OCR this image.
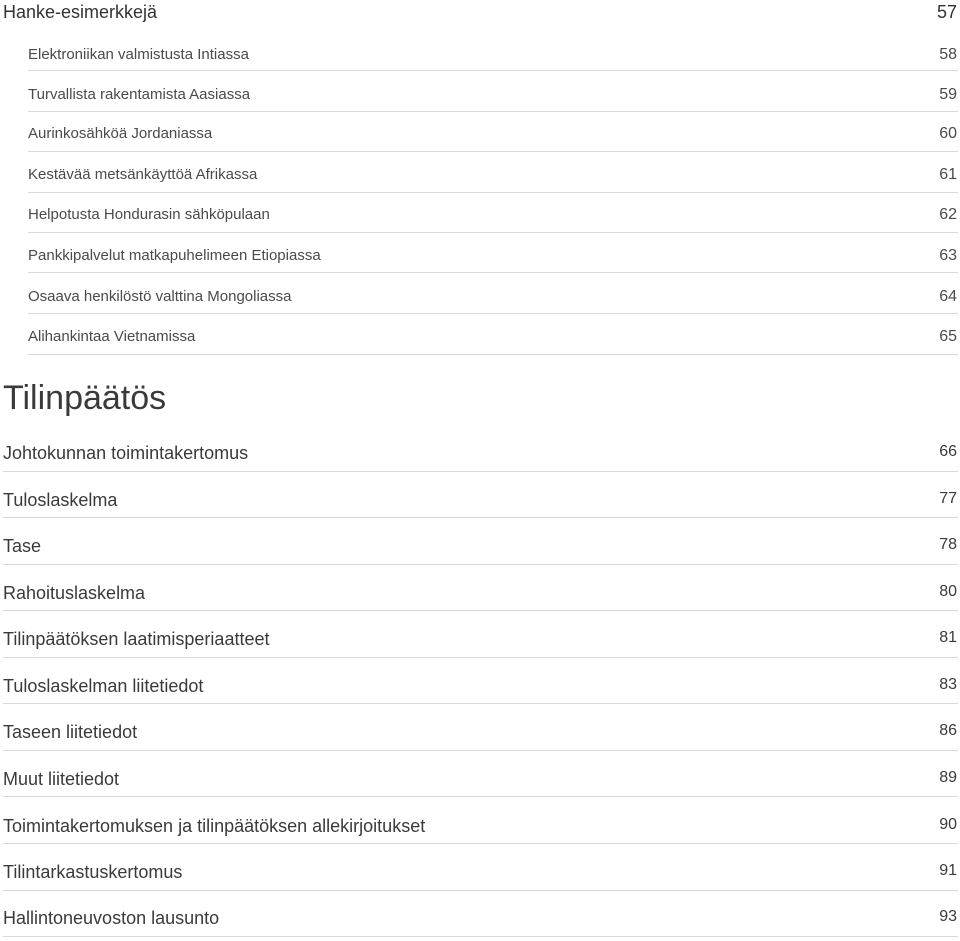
Hanke-esimerkkejä	57
Elektroniikan valmistusta Intiassa	58
Turvallista rakentamista Aasiassa	59
Aurinkosähköä Jordaniassa	60
Kestävää metsänkäyttöä Afrikassa	61
Helpotusta Hondurasin sähköpulaan	62
Pankkipalvelut matkapuhelimeen Etiopiassa	63
Osaava henkilöstö valttina Mongoliassa	64
Alihankintaa Vietnamissa	65
Tilinpäätös
Johtokunnan toimintakertomus	66
Tuloslaskelma	77
Tase	78
Rahoituslaskelma	80
Tilinpäätöksen laatimisperiaatteet	81
Tuloslaskelman liitetiedot	83
Taseen liitetiedot	86
Muut liitetiedot	89
Toimintakertomuksen ja tilinpäätöksen allekirjoitukset	90
Tilintarkastuskertomus	91
Hallintoneuvoston lausunto	93
